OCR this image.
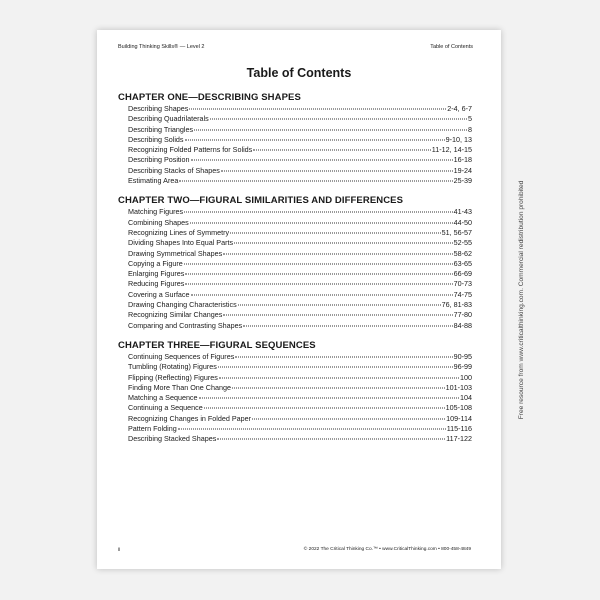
Building Thinking Skills® — Level 2	Table of Contents
Table of Contents
CHAPTER ONE—DESCRIBING SHAPES
Describing Shapes	2-4, 6-7
Describing Quadrilaterals	5
Describing Triangles	8
Describing Solids	9-10, 13
Recognizing Folded Patterns for Solids	11-12, 14-15
Describing Position	16-18
Describing Stacks of Shapes	19-24
Estimating Area	25-39
CHAPTER TWO—FIGURAL SIMILARITIES AND DIFFERENCES
Matching Figures	41-43
Combining Shapes	44-50
Recognizing Lines of Symmetry	51, 56-57
Dividing Shapes Into Equal Parts	52-55
Drawing Symmetrical Shapes	58-62
Copying a Figure	63-65
Enlarging Figures	66-69
Reducing Figures	70-73
Covering a Surface	74-75
Drawing Changing Characteristics	76, 81-83
Recognizing Similar Changes	77-80
Comparing and Contrasting Shapes	84-88
CHAPTER THREE—FIGURAL SEQUENCES
Continuing Sequences of Figures	90-95
Tumbling (Rotating) Figures	96-99
Flipping (Reflecting) Figures	100
Finding More Than One Change	101-103
Matching a Sequence	104
Continuing a Sequence	105-108
Recognizing Changes in Folded Paper	109-114
Pattern Folding	115-116
Describing Stacked Shapes	117-122
ii	© 2022 The Critical Thinking Co.™ • www.CriticalThinking.com • 800-458-4849
Free resource from www.criticalthinking.com. Commercial redistribution prohibited
